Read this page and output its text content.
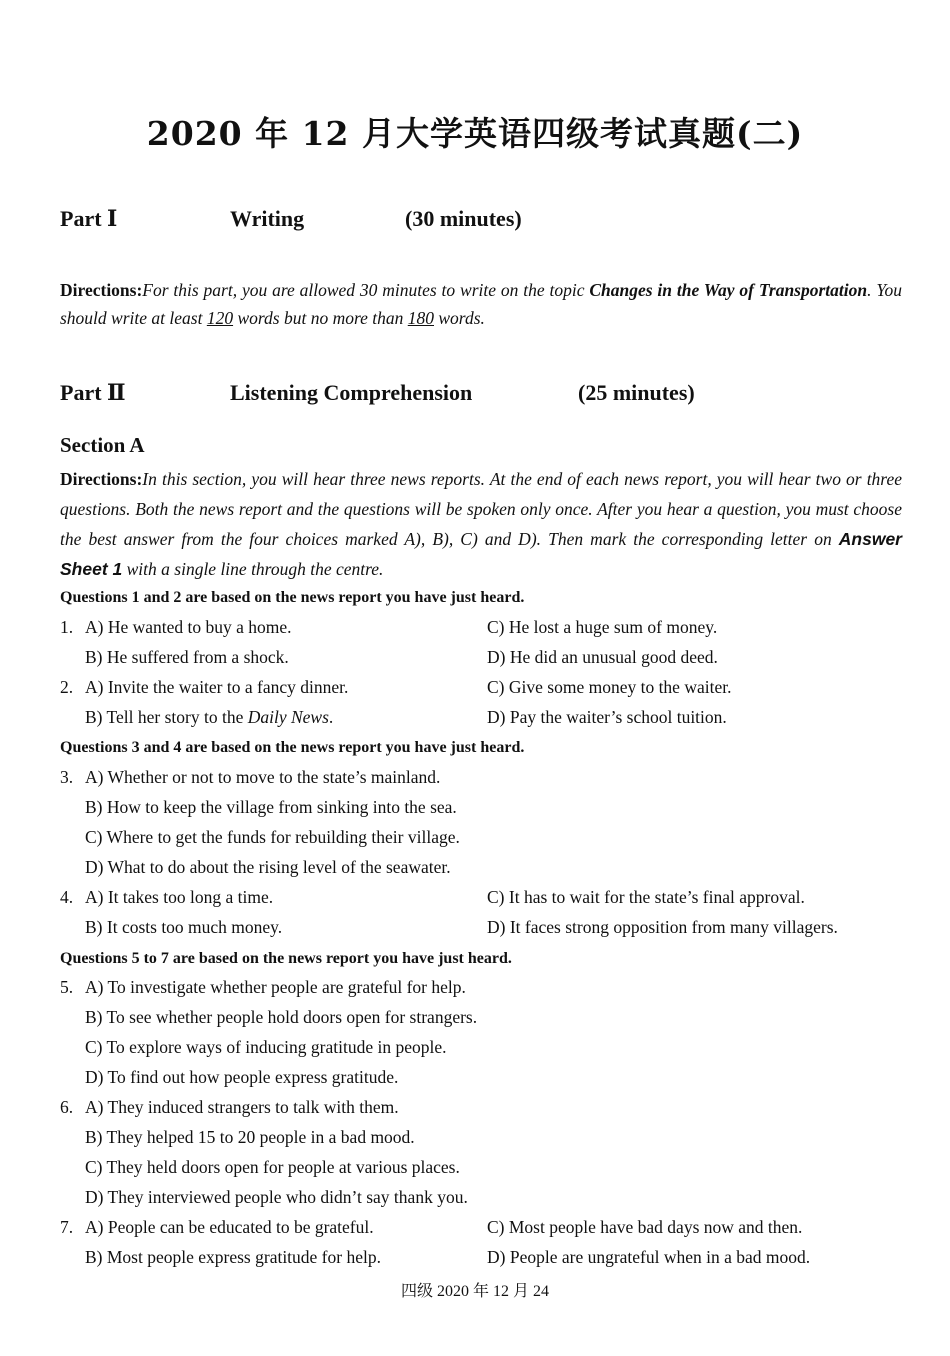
2020 年 12 月大学英语四级考试真题(二)
Part Ⅰ	Writing	(30 minutes)
Directions:For this part, you are allowed 30 minutes to write on the topic Changes in the Way of Transportation. You should write at least 120 words but no more than 180 words.
Part Ⅱ	Listening Comprehension	(25 minutes)
Section A
Directions:In this section, you will hear three news reports. At the end of each news report, you will hear two or three questions. Both the news report and the questions will be spoken only once. After you hear a question, you must choose the best answer from the four choices marked A), B), C) and D). Then mark the corresponding letter on Answer Sheet 1 with a single line through the centre.
Questions 1 and 2 are based on the news report you have just heard.
1. A) He wanted to buy a home.	C) He lost a huge sum of money.
B) He suffered from a shock.	D) He did an unusual good deed.
2. A) Invite the waiter to a fancy dinner.	C) Give some money to the waiter.
B) Tell her story to the Daily News.	D) Pay the waiter’s school tuition.
Questions 3 and 4 are based on the news report you have just heard.
3. A) Whether or not to move to the state’s mainland.
B) How to keep the village from sinking into the sea.
C) Where to get the funds for rebuilding their village.
D) What to do about the rising level of the seawater.
4. A) It takes too long a time.	C) It has to wait for the state’s final approval.
B) It costs too much money.	D) It faces strong opposition from many villagers.
Questions 5 to 7 are based on the news report you have just heard.
5. A) To investigate whether people are grateful for help.
B) To see whether people hold doors open for strangers.
C) To explore ways of inducing gratitude in people.
D) To find out how people express gratitude.
6. A) They induced strangers to talk with them.
B) They helped 15 to 20 people in a bad mood.
C) They held doors open for people at various places.
D) They interviewed people who didn’t say thank you.
7. A) People can be educated to be grateful.	C) Most people have bad days now and then.
B) Most people express gratitude for help.	D) People are ungrateful when in a bad mood.
四级 2020 年 12 月 24
